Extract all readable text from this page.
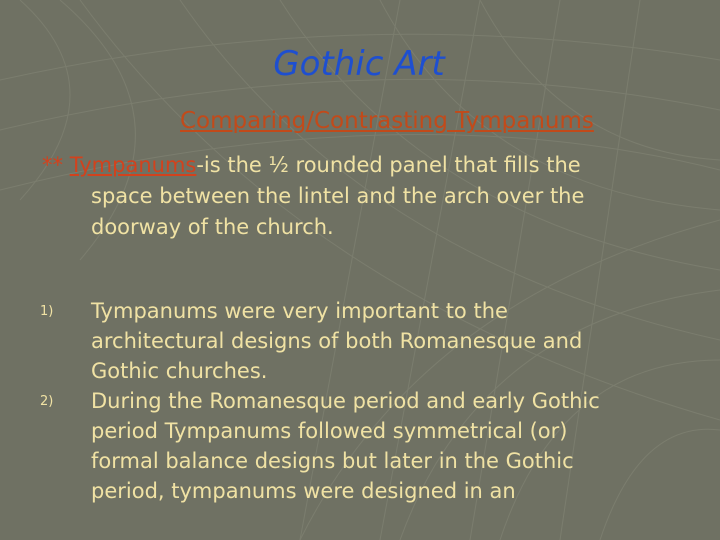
Gothic Art
Comparing/Contrasting Tympanums
** Tympanums-is the ½ rounded panel that fills the
space between the lintel and the arch over the
doorway of the church.
1) Tympanums were very important to the
architectural designs of both Romanesque and
Gothic churches.
2) During the Romanesque period and early Gothic
period Tympanums followed symmetrical (or)
formal balance designs but later in the Gothic
period, tympanums were designed in an
